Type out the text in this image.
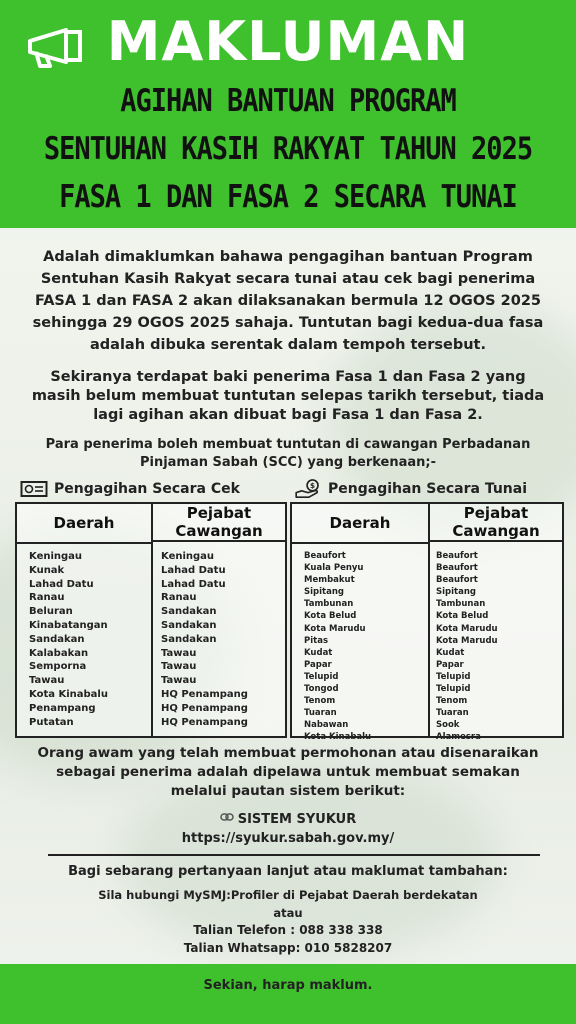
MAKLUMAN
AGIHAN BANTUAN PROGRAM
SENTUHAN KASIH RAKYAT TAHUN 2025
FASA 1 DAN FASA 2 SECARA TUNAI
Adalah dimaklumkan bahawa pengagihan bantuan Program Sentuhan Kasih Rakyat secara tunai atau cek bagi penerima FASA 1 dan FASA 2 akan dilaksanakan bermula 12 OGOS 2025 sehingga 29 OGOS 2025 sahaja. Tuntutan bagi kedua-dua fasa adalah dibuka serentak dalam tempoh tersebut.
Sekiranya terdapat baki penerima Fasa 1 dan Fasa 2 yang masih belum membuat tuntutan selepas tarikh tersebut, tiada lagi agihan akan dibuat bagi Fasa 1 dan Fasa 2.
Para penerima boleh membuat tuntutan di cawangan Perbadanan Pinjaman Sabah (SCC) yang berkenaan;-
Pengagihan Secara Cek	$ Pengagihan Secara Tunai
Daerah
Pejabat Cawangan
Keningau
Kunak
Lahad Datu
Ranau
Beluran
Kinabatangan
Sandakan
Kalabakan
Semporna
Tawau
Kota Kinabalu
Penampang
Putatan
Keningau
Lahad Datu
Lahad Datu
Ranau
Sandakan
Sandakan
Sandakan
Tawau
Tawau
Tawau
HQ Penampang
HQ Penampang
HQ Penampang
Daerah
Pejabat Cawangan
Beaufort
Kuala Penyu
Membakut
Sipitang
Tambunan
Kota Belud
Kota Marudu
Pitas
Kudat
Papar
Telupid
Tongod
Tenom
Tuaran
Nabawan
Kota Kinabalu
Beaufort
Beaufort
Beaufort
Sipitang
Tambunan
Kota Belud
Kota Marudu
Kota Marudu
Kudat
Papar
Telupid
Telupid
Tenom
Tuaran
Sook
Alamesra
Orang awam yang telah membuat permohonan atau disenaraikan sebagai penerima adalah dipelawa untuk membuat semakan melalui pautan sistem berikut:
SISTEM SYUKUR
https://syukur.sabah.gov.my/
Bagi sebarang pertanyaan lanjut atau maklumat tambahan:
Sila hubungi MySMJ:Profiler di Pejabat Daerah berdekatan
atau
Talian Telefon : 088 338 338
Talian Whatsapp: 010 5828207
Sekian, harap maklum.
